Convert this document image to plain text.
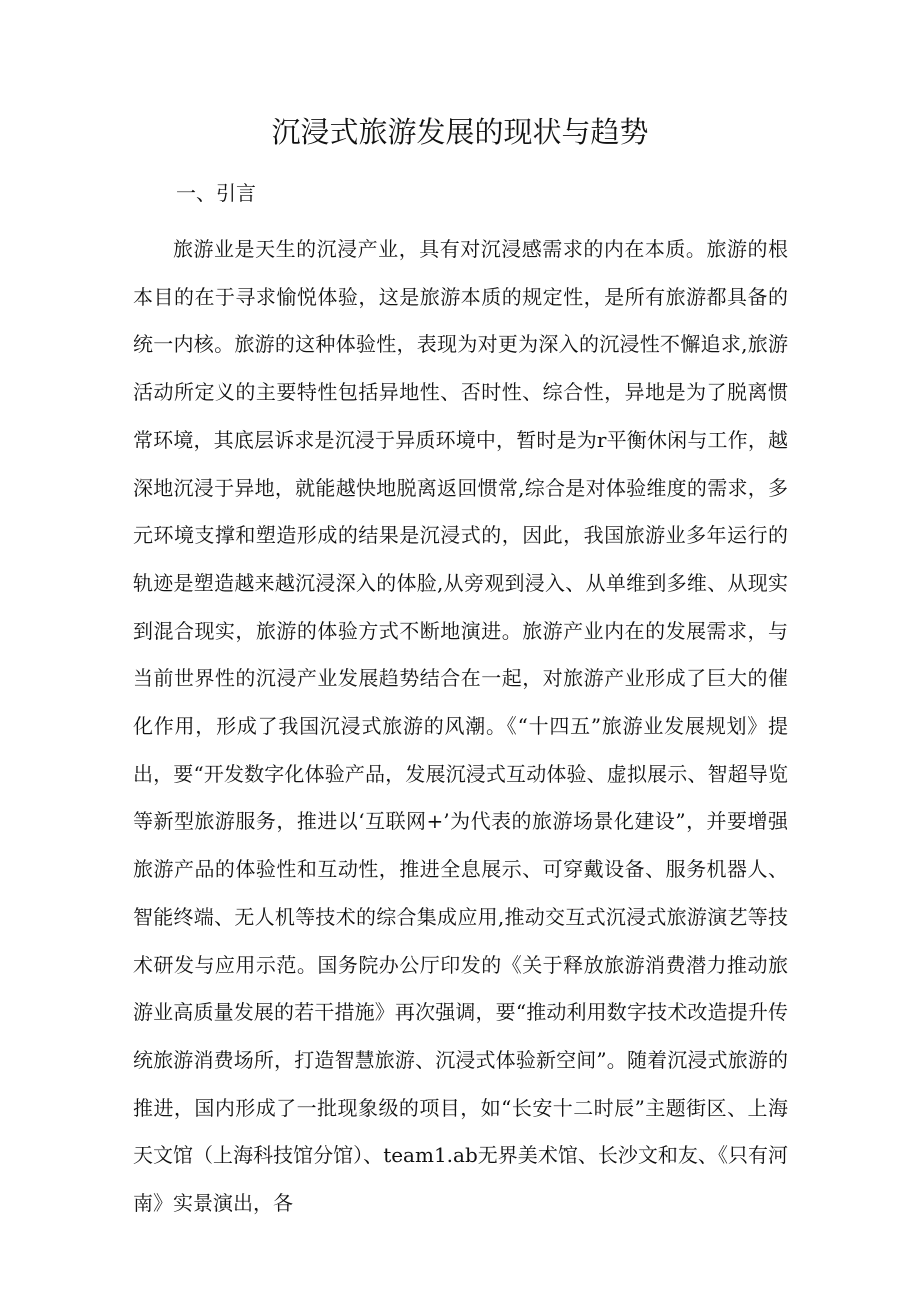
沉浸式旅游发展的现状与趋势
一、引言

旅游业是天生的沉浸产业，具有对沉浸感需求的内在本质。旅游的根本目的在于寻求愉悦体验，这是旅游本质的规定性，是所有旅游都具备的统一内核。旅游的这种体验性，表现为对更为深入的沉浸性不懈追求,旅游活动所定义的主要特性包括异地性、否时性、综合性，异地是为了脱离惯常环境，其底层诉求是沉浸于异质环境中，暂时是为r平衡休闲与工作，越深地沉浸于异地，就能越快地脱离返回惯常,综合是对体验维度的需求，多元环境支撑和塑造形成的结果是沉浸式的，因此，我国旅游业多年运行的轨迹是塑造越来越沉浸深入的体脸,从旁观到浸入、从单维到多维、从现实到混合现实，旅游的体验方式不断地演进。旅游产业内在的发展需求，与当前世界性的沉浸产业发展趋势结合在一起，对旅游产业形成了巨大的催化作用，形成了我国沉浸式旅游的风潮。《“十四五”旅游业发展规划》提出，要“开发数字化体验产品，发展沉浸式互动体验、虚拟展示、智超导览等新型旅游服务，推进以‘互联网+’为代表的旅游场景化建设”，并要增强旅游产品的体验性和互动性，推进全息展示、可穿戴设备、服务机器人、智能终端、无人机等技术的综合集成应用,推动交互式沉浸式旅游演艺等技术研发与应用示范。国务院办公厅印发的《关于释放旅游消费潜力推动旅游业高质量发展的若干措施》再次强调，要“推动利用数字技术改造提升传统旅游消费场所，打造智慧旅游、沉浸式体验新空间”。随着沉浸式旅游的推进，国内形成了一批现象级的项目，如“长安十二时辰”主题街区、上海天文馆（上海科技馆分馆）、team1.ab无界美术馆、长沙文和友、《只有河南》实景演出，各
